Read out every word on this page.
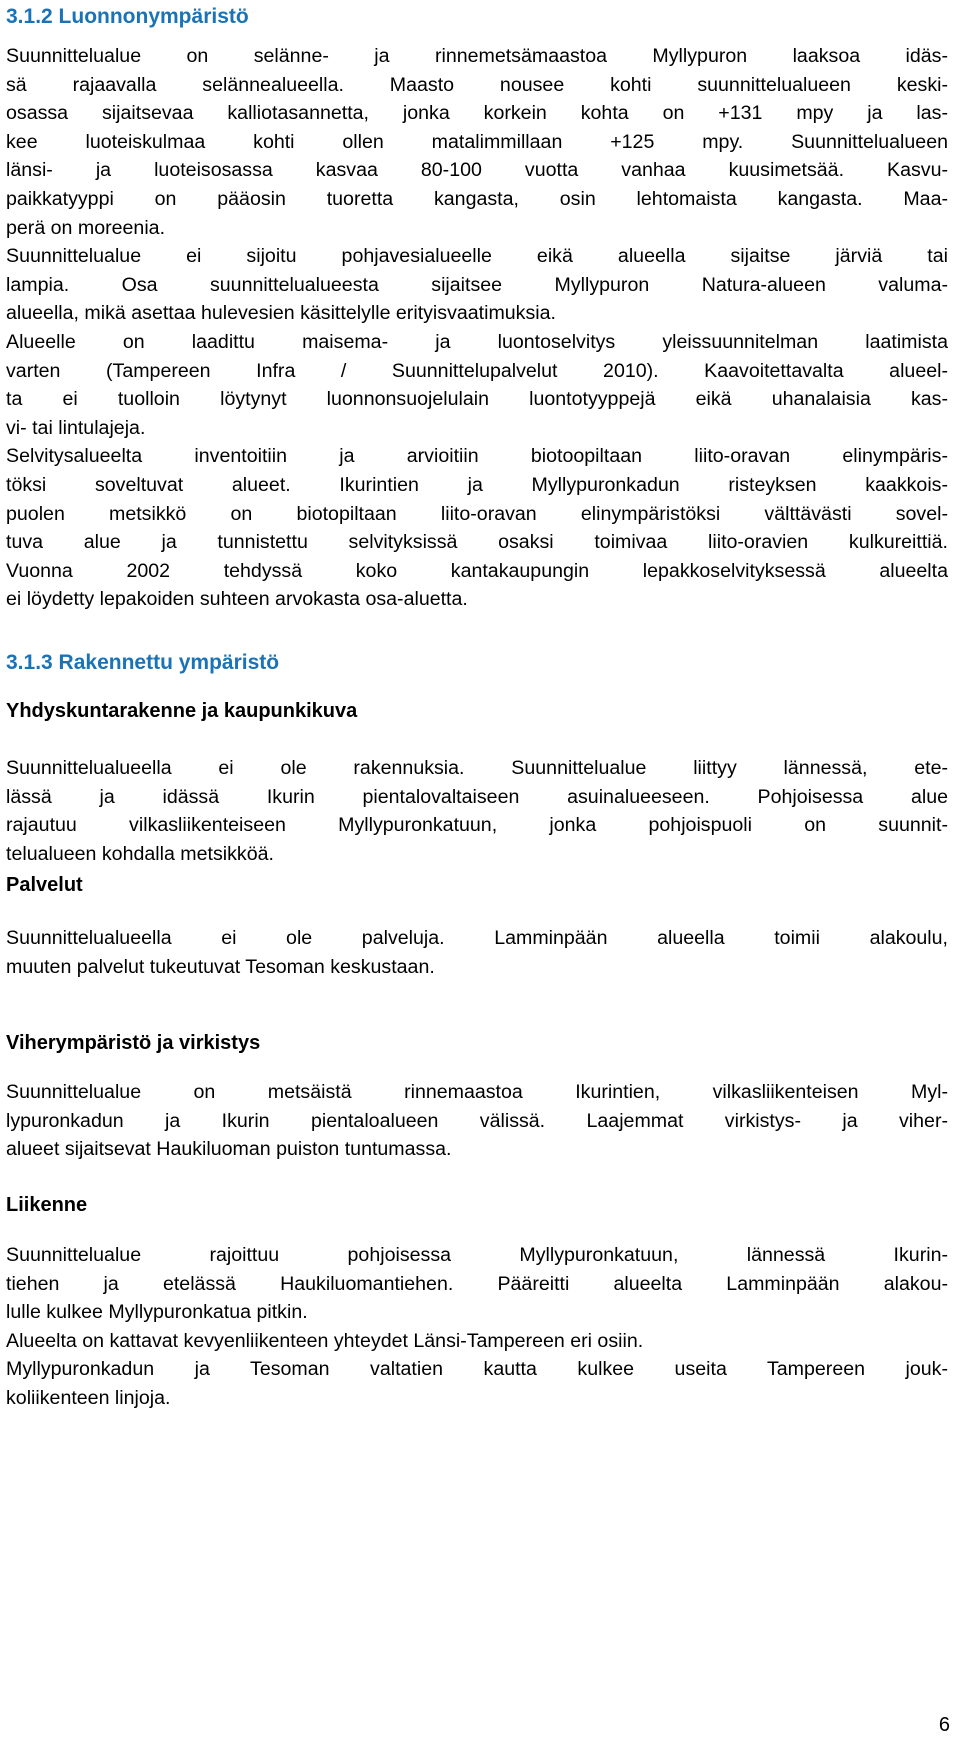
3.1.2 Luonnonympäristö
Suunnittelualue on selänne- ja rinnemetsämaastoa Myllypuron laaksoa idäs-
sä rajaavalla selännealueella. Maasto nousee kohti suunnittelualueen keski-
osassa sijaitsevaa kalliotasannetta, jonka korkein kohta on +131 mpy ja las-
kee luoteiskulmaa kohti ollen matalimmillaan +125 mpy. Suunnittelualueen
länsi- ja luoteisosassa kasvaa 80-100 vuotta vanhaa kuusimetsää. Kasvu-
paikkatyyppi on pääosin tuoretta kangasta, osin lehtomaista kangasta. Maa-
perä on moreenia.
Suunnittelualue ei sijoitu pohjavesialueelle eikä alueella sijaitse järviä tai
lampia. Osa suunnittelualueesta sijaitsee Myllypuron Natura-alueen valuma-
alueella, mikä asettaa hulevesien käsittelylle erityisvaatimuksia.
Alueelle on laadittu maisema- ja luontoselvitys yleissuunnitelman laatimista
varten (Tampereen Infra / Suunnittelupalvelut 2010). Kaavoitettavalta alueel-
ta ei tuolloin löytynyt luonnonsuojelulain luontotyyppejä eikä uhanalaisia kas-
vi- tai lintulajeja.
Selvitysalueelta inventoitiin ja arvioitiin biotoopiltaan liito-oravan elinympäris-
töksi soveltuvat alueet. Ikurintien ja Myllypuronkadun risteyksen kaakkois-
puolen metsikkö on biotopiltaan liito-oravan elinympäristöksi välttävästi sovel-
tuva alue ja tunnistettu selvityksissä osaksi toimivaa liito-oravien kulkureittiä.
Vuonna 2002 tehdyssä koko kantakaupungin lepakkoselvityksessä alueelta
ei löydetty lepakoiden suhteen arvokasta osa-aluetta.
3.1.3 Rakennettu ympäristö
Yhdyskuntarakenne ja kaupunkikuva
Suunnittelualueella ei ole rakennuksia. Suunnittelualue liittyy lännessä, ete-
lässä ja idässä Ikurin pientalovaltaiseen asuinalueeseen. Pohjoisessa alue
rajautuu vilkasliikenteiseen Myllypuronkatuun, jonka pohjoispuoli on suunnit-
telualueen kohdalla metsikköä.
Palvelut
Suunnittelualueella ei ole palveluja. Lamminpään alueella toimii alakoulu,
muuten palvelut tukeutuvat Tesoman keskustaan.
Viherympäristö ja virkistys
Suunnittelualue on metsäistä rinnemaastoa Ikurintien, vilkasliikenteisen Myl-
lypuronkadun ja Ikurin pientaloalueen välissä. Laajemmat virkistys- ja viher-
alueet sijaitsevat Haukiluoman puiston tuntumassa.
Liikenne
Suunnittelualue rajoittuu pohjoisessa Myllypuronkatuun, lännessä Ikurin-
tiehen ja etelässä Haukiluomantiehen. Pääreitti alueelta Lamminpään alakou-
lulle kulkee Myllypuronkatua pitkin.
Alueelta on kattavat kevyenliikenteen yhteydet Länsi-Tampereen eri osiin.
Myllypuronkadun ja Tesoman valtatien kautta kulkee useita Tampereen jouk-
koliikenteen linjoja.
6
